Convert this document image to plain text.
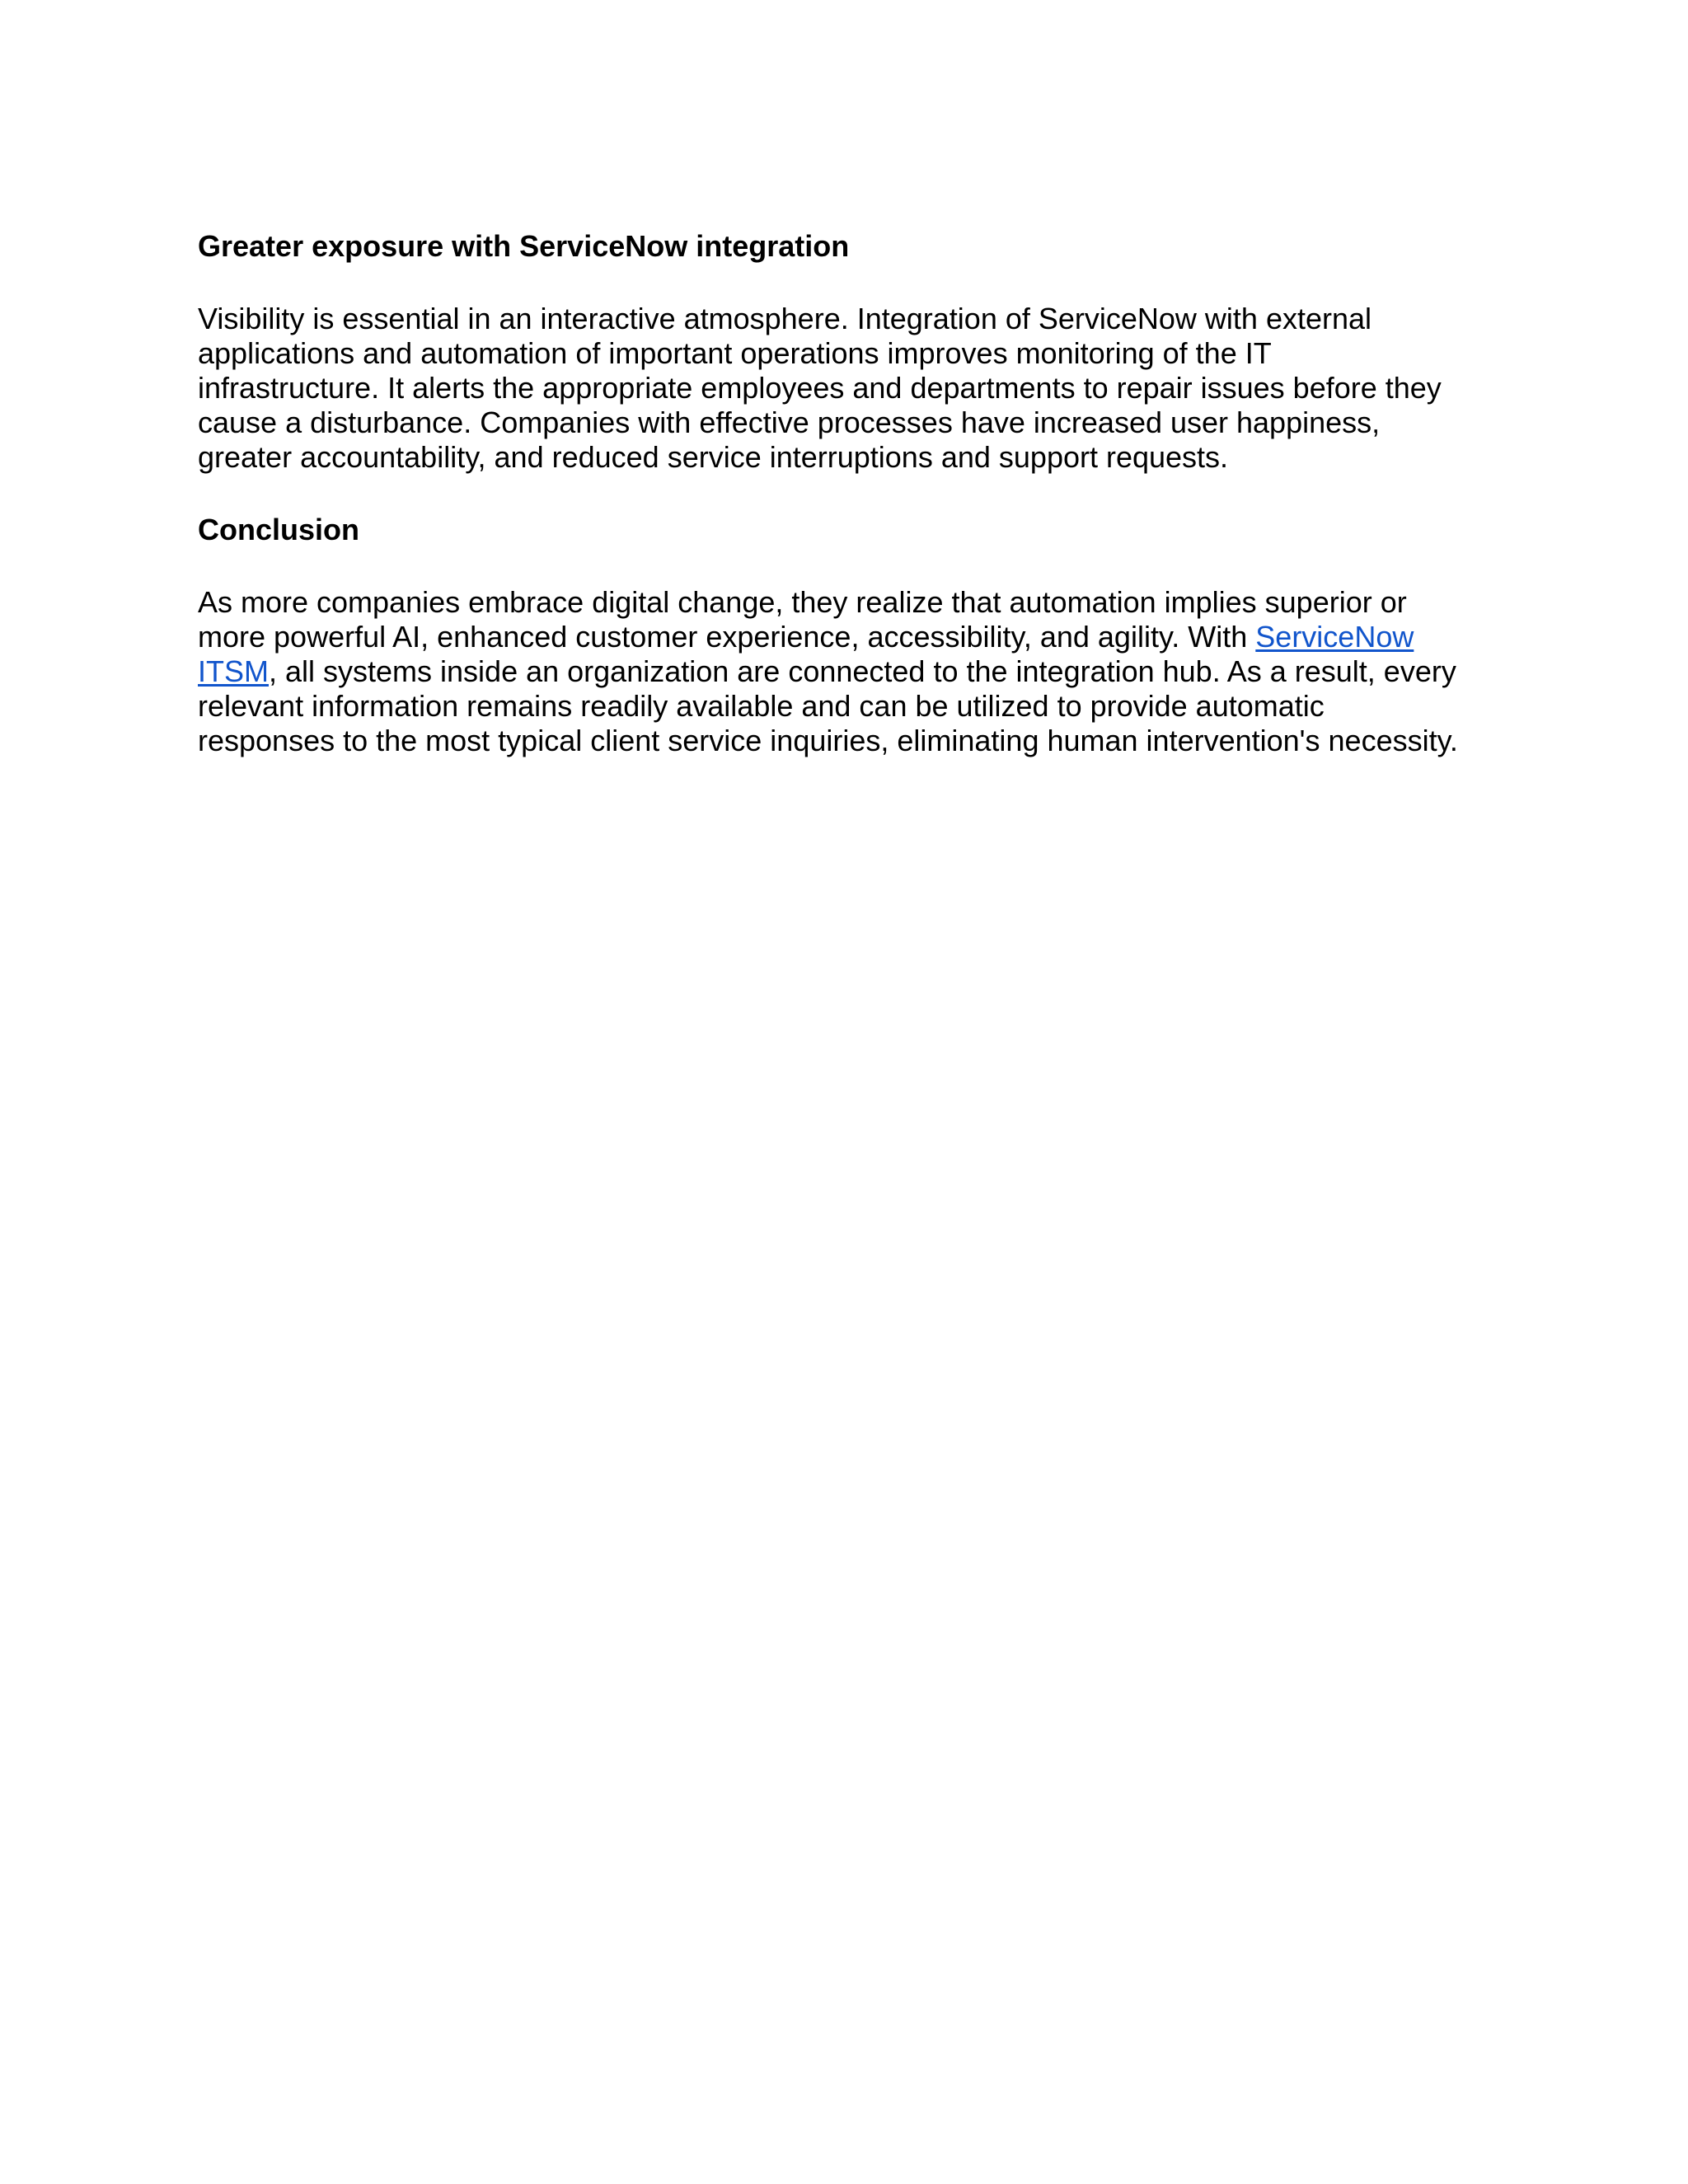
Greater exposure with ServiceNow integration

Visibility is essential in an interactive atmosphere. Integration of ServiceNow with external
applications and automation of important operations improves monitoring of the IT
infrastructure. It alerts the appropriate employees and departments to repair issues before they
cause a disturbance. Companies with effective processes have increased user happiness,
greater accountability, and reduced service interruptions and support requests.

Conclusion

As more companies embrace digital change, they realize that automation implies superior or
more powerful AI, enhanced customer experience, accessibility, and agility. With ServiceNow
ITSM, all systems inside an organization are connected to the integration hub. As a result, every
relevant information remains readily available and can be utilized to provide automatic
responses to the most typical client service inquiries, eliminating human intervention's necessity.
